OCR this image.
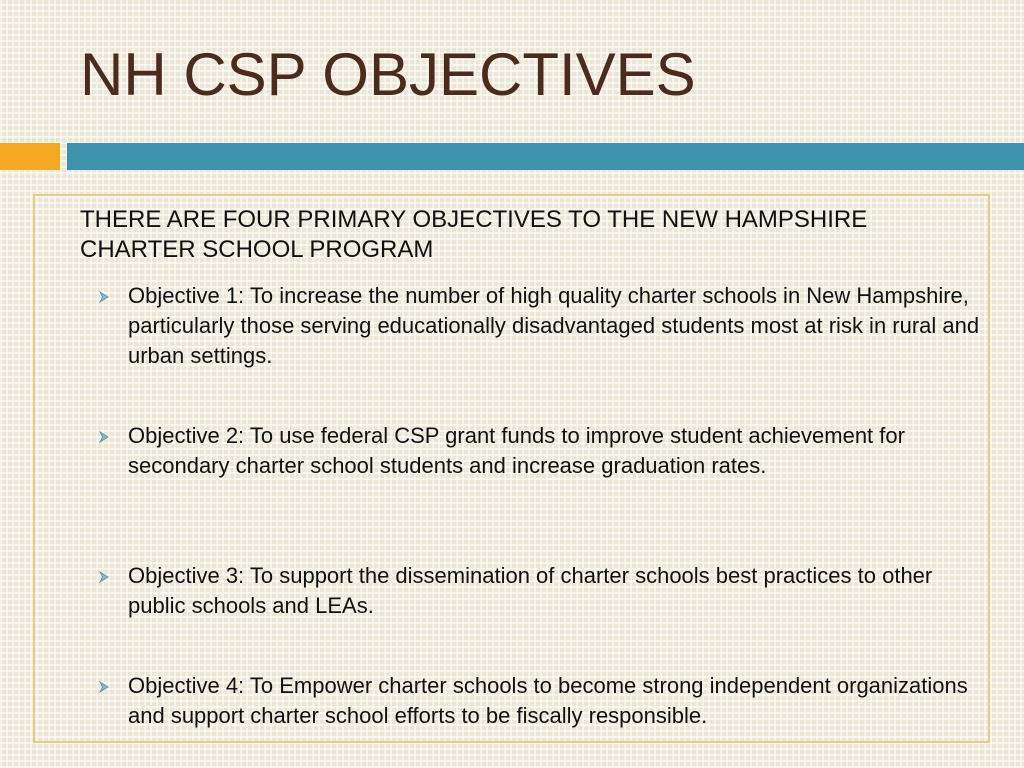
NH CSP OBJECTIVES

THERE ARE FOUR PRIMARY OBJECTIVES TO THE NEW HAMPSHIRE CHARTER SCHOOL PROGRAM

Objective 1: To increase the number of high quality charter schools in New Hampshire, particularly those serving educationally disadvantaged students most at risk in rural and urban settings.
Objective 2: To use federal CSP grant funds to improve student achievement for secondary charter school students and increase graduation rates.
Objective 3: To support the dissemination of charter schools best practices to other public schools and LEAs.
Objective 4: To Empower charter schools to become strong independent organizations and support charter school efforts to be fiscally responsible.
